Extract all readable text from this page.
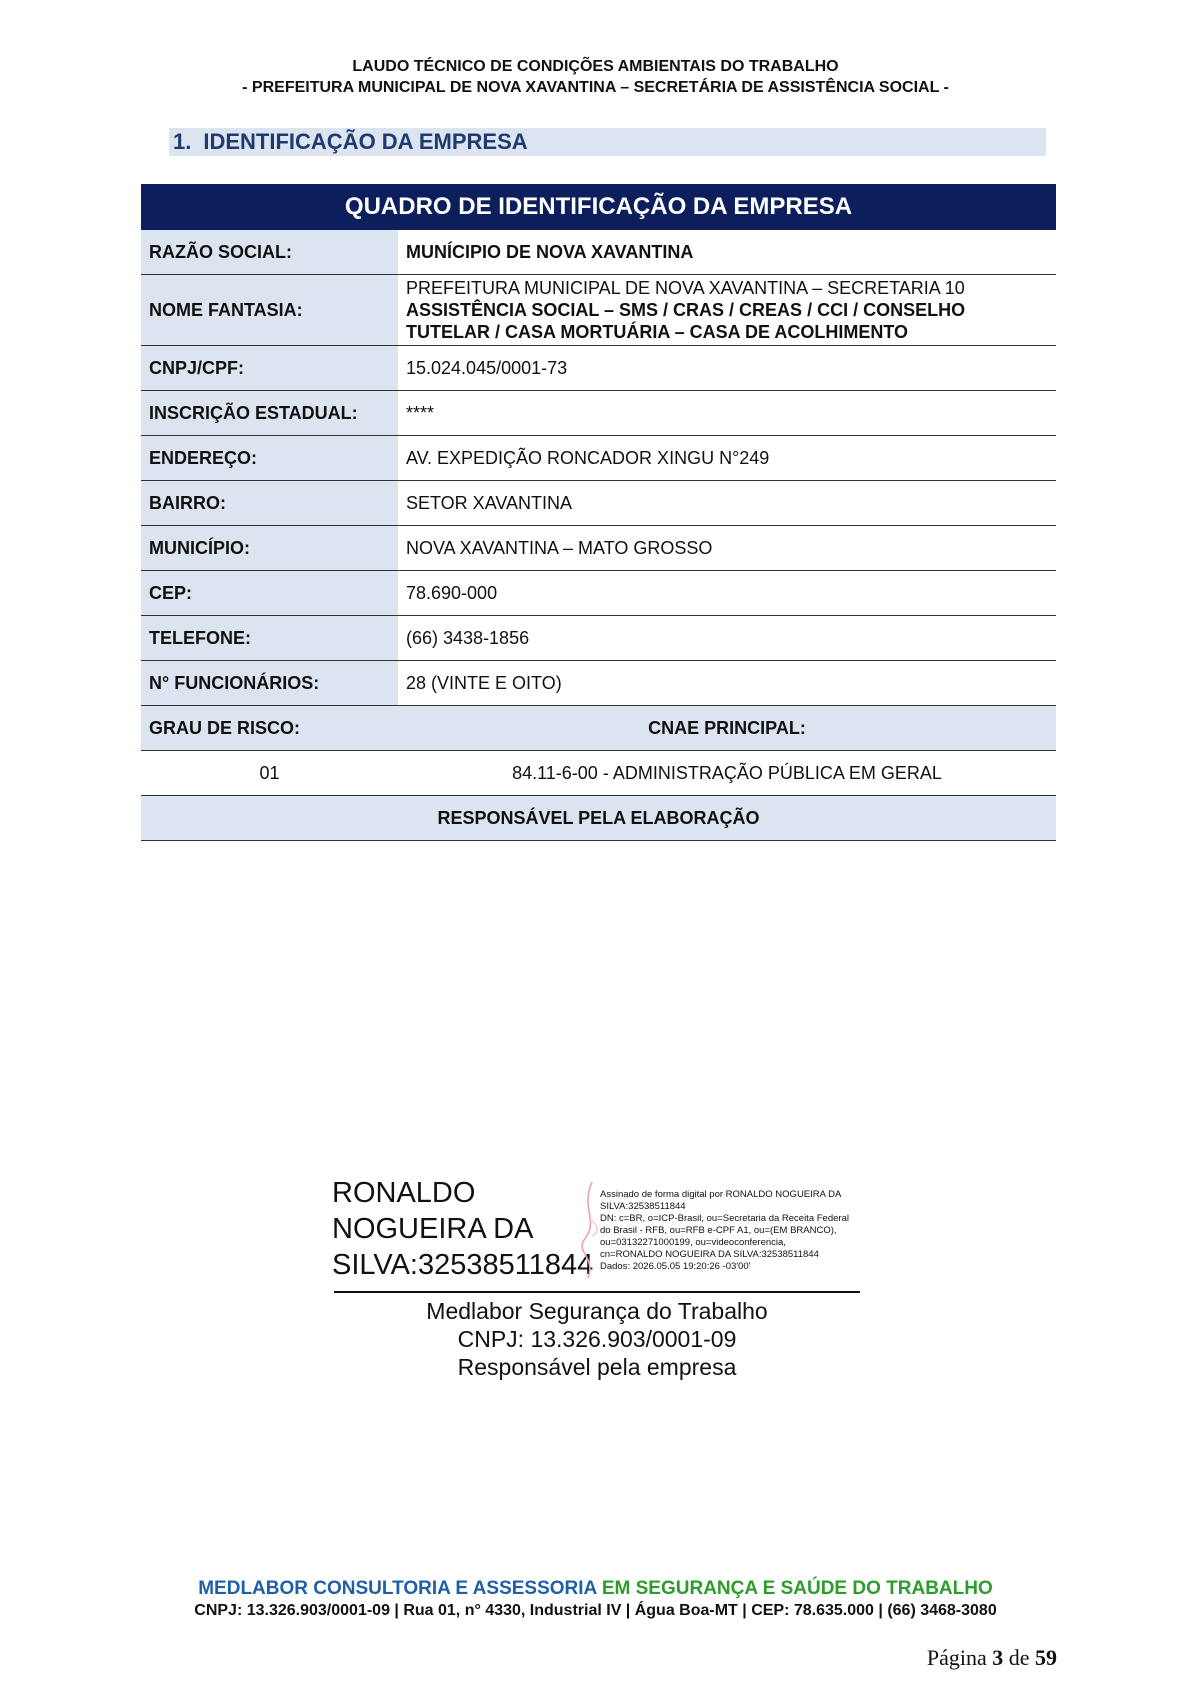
LAUDO TÉCNICO DE CONDIÇÕES AMBIENTAIS DO TRABALHO
- PREFEITURA MUNICIPAL DE NOVA XAVANTINA – SECRETÁRIA DE ASSISTÊNCIA SOCIAL -
1. IDENTIFICAÇÃO DA EMPRESA
QUADRO DE IDENTIFICAÇÃO DA EMPRESA	
RAZÃO SOCIAL:	MUNÍCIPIO DE NOVA XAVANTINA
NOME FANTASIA:	PREFEITURA MUNICIPAL DE NOVA XAVANTINA – SECRETARIA 10
ASSISTÊNCIA SOCIAL – SMS / CRAS / CREAS / CCI / CONSELHO TUTELAR / CASA MORTUÁRIA – CASA DE ACOLHIMENTO

CNPJ/CPF:	15.024.045/0001-73
INSCRIÇÃO ESTADUAL:	****
ENDEREÇO:	AV. EXPEDIÇÃO RONCADOR XINGU N°249
BAIRRO:	SETOR XAVANTINA
MUNICÍPIO:	NOVA XAVANTINA – MATO GROSSO
CEP:	78.690-000
TELEFONE:	(66) 3438-1856
N° FUNCIONÁRIOS:	28 (VINTE E OITO)
GRAU DE RISCO:	CNAE PRINCIPAL:
01	84.11-6-00 - ADMINISTRAÇÃO PÚBLICA EM GERAL
RESPONSÁVEL PELA ELABORAÇÃO	
RONALDO
NOGUEIRA DA
SILVA:32538511844
Assinado de forma digital por RONALDO NOGUEIRA DA
SILVA:32538511844
DN: c=BR, o=ICP-Brasil, ou=Secretaria da Receita Federal
do Brasil - RFB, ou=RFB e-CPF A1, ou=(EM BRANCO),
ou=03132271000199, ou=videoconferencia,
cn=RONALDO NOGUEIRA DA SILVA:32538511844
Dados: 2026.05.05 19:20:26 -03'00'
Medlabor Segurança do Trabalho
CNPJ: 13.326.903/0001-09
Responsável pela empresa
MEDLABOR CONSULTORIA E ASSESSORIA EM SEGURANÇA E SAÚDE DO TRABALHO
CNPJ: 13.326.903/0001-09 | Rua 01, n° 4330, Industrial IV | Água Boa-MT | CEP: 78.635.000 | (66) 3468-3080
Página 3 de 59
